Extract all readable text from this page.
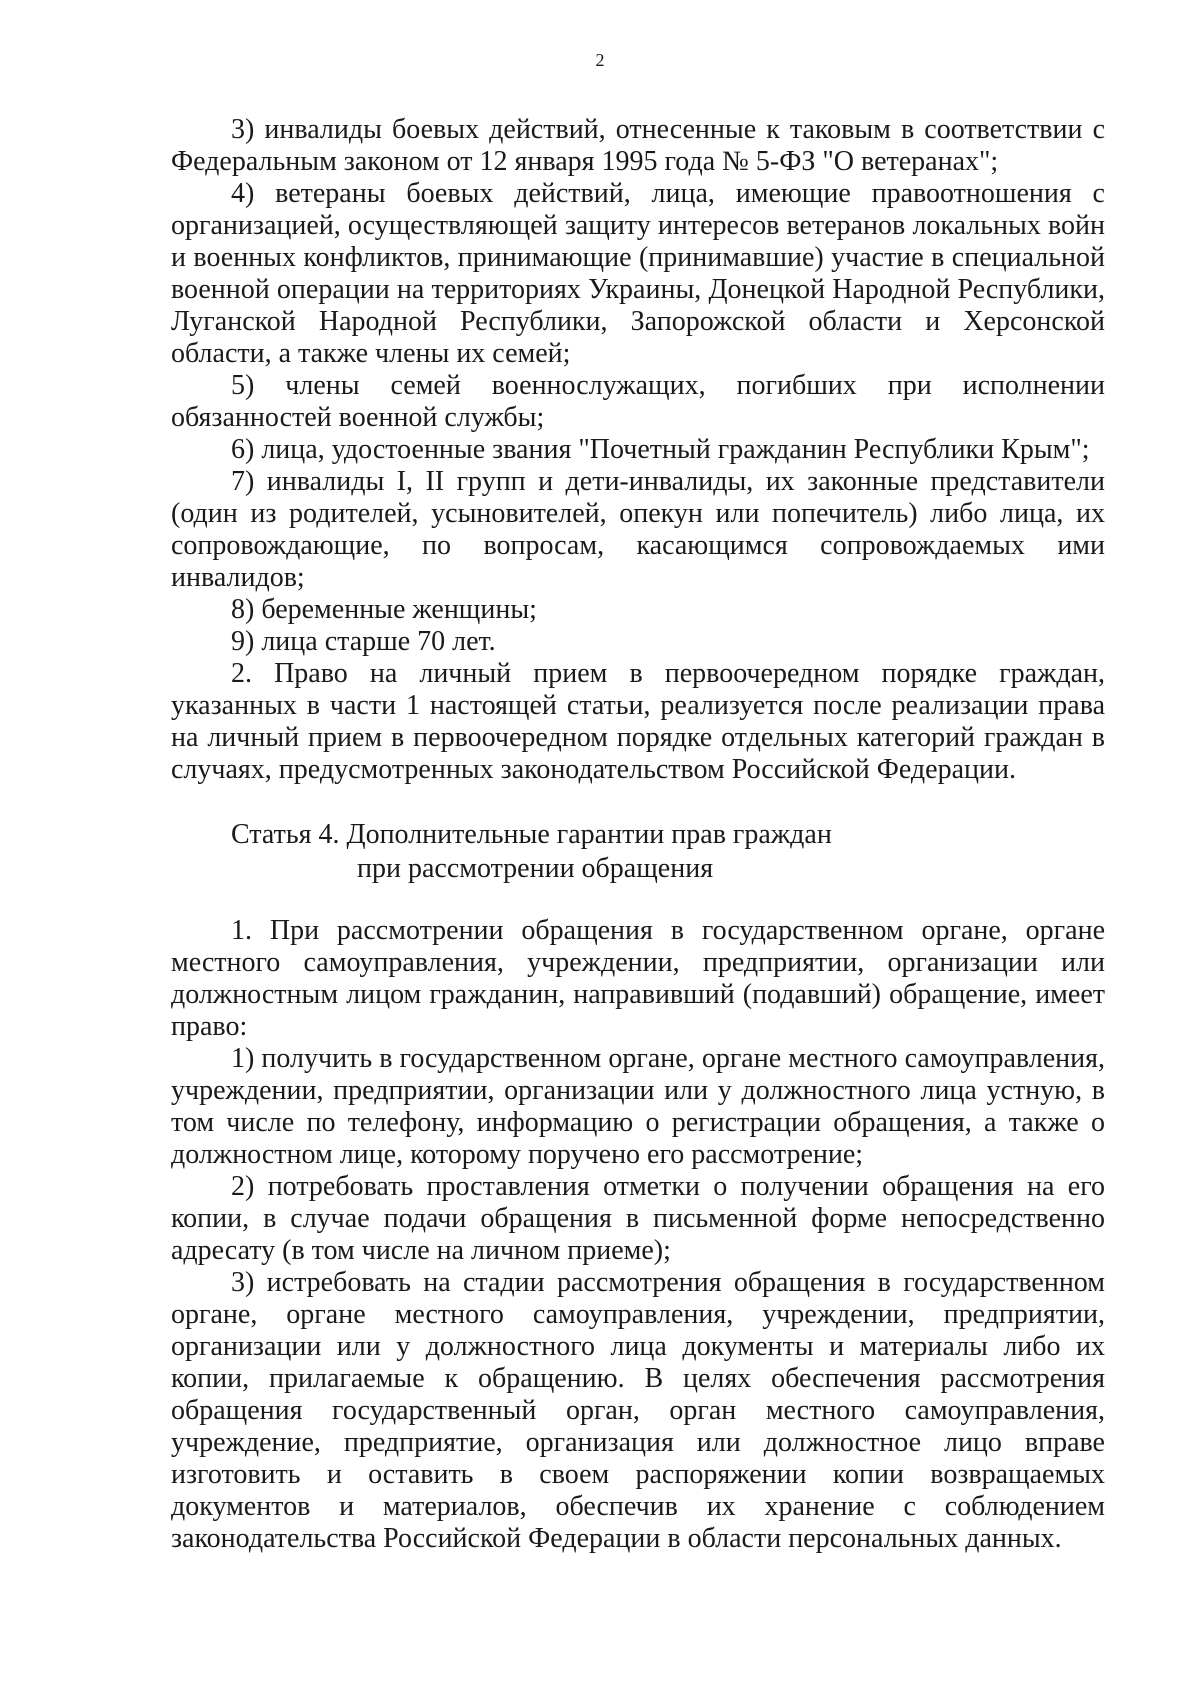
2

3) инвалиды боевых действий, отнесенные к таковым в соответствии с Федеральным законом от 12 января 1995 года № 5-ФЗ "О ветеранах";

4) ветераны боевых действий, лица, имеющие правоотношения с организацией, осуществляющей защиту интересов ветеранов локальных войн и военных конфликтов, принимающие (принимавшие) участие в специальной военной операции на территориях Украины, Донецкой Народной Республики, Луганской Народной Республики, Запорожской области и Херсонской области, а также члены их семей;

5) члены семей военнослужащих, погибших при исполнении обязанностей военной службы;

6) лица, удостоенные звания "Почетный гражданин Республики Крым";

7) инвалиды I, II групп и дети-инвалиды, их законные представители (один из родителей, усыновителей, опекун или попечитель) либо лица, их сопровождающие, по вопросам, касающимся сопровождаемых ими инвалидов;

8) беременные женщины;

9) лица старше 70 лет.

2. Право на личный прием в первоочередном порядке граждан, указанных в части 1 настоящей статьи, реализуется после реализации права на личный прием в первоочередном порядке отдельных категорий граждан в случаях, предусмотренных законодательством Российской Федерации.

Статья 4. Дополнительные гарантии прав граждан
при рассмотрении обращения

1. При рассмотрении обращения в государственном органе, органе местного самоуправления, учреждении, предприятии, организации или должностным лицом гражданин, направивший (подавший) обращение, имеет право:

1) получить в государственном органе, органе местного самоуправления, учреждении, предприятии, организации или у должностного лица устную, в том числе по телефону, информацию о регистрации обращения, а также о должностном лице, которому поручено его рассмотрение;

2) потребовать проставления отметки о получении обращения на его копии, в случае подачи обращения в письменной форме непосредственно адресату (в том числе на личном приеме);

3) истребовать на стадии рассмотрения обращения в государственном органе, органе местного самоуправления, учреждении, предприятии, организации или у должностного лица документы и материалы либо их копии, прилагаемые к обращению. В целях обеспечения рассмотрения обращения государственный орган, орган местного самоуправления, учреждение, предприятие, организация или должностное лицо вправе изготовить и оставить в своем распоряжении копии возвращаемых документов и материалов, обеспечив их хранение с соблюдением законодательства Российской Федерации в области персональных данных.
